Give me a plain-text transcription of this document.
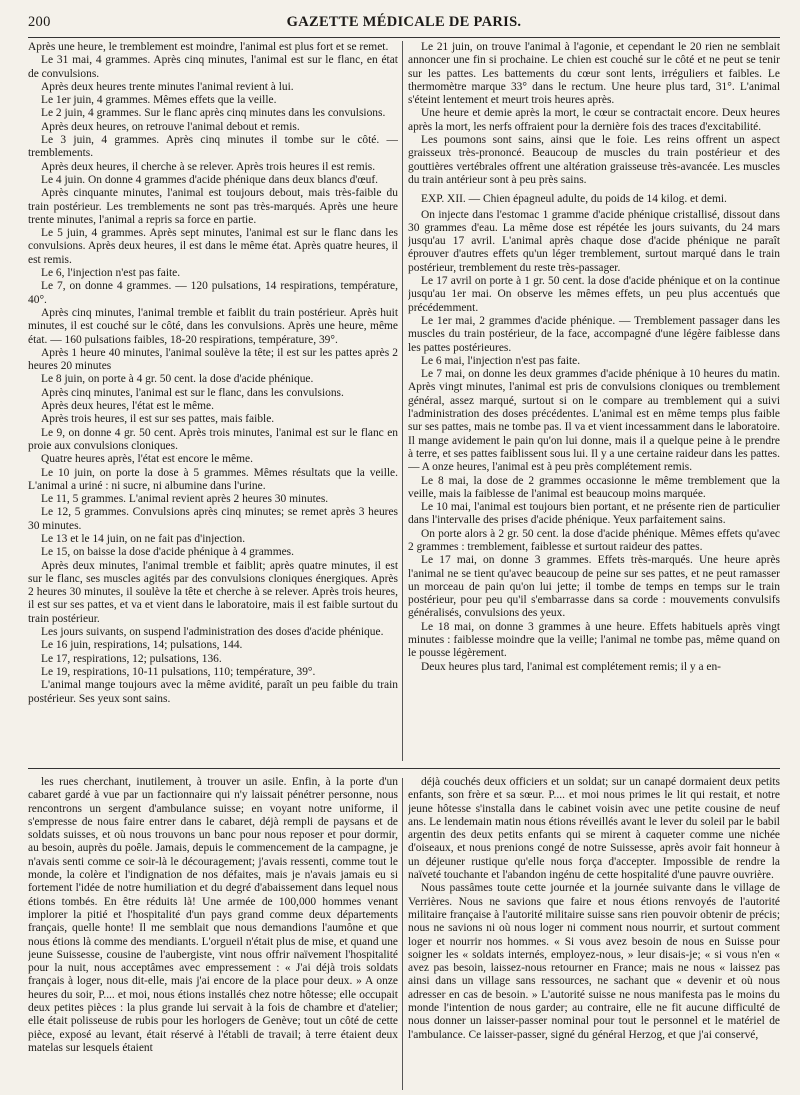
200	GAZETTE MÉDICALE DE PARIS.

Après une heure, le tremblement est moindre, l'animal est plus fort et se remet.

Le 31 mai, 4 grammes. Après cinq minutes, l'animal est sur le flanc, en état de convulsions.

Après deux heures trente minutes l'animal revient à lui.

Le 1er juin, 4 grammes. Mêmes effets que la veille.

Le 2 juin, 4 grammes. Sur le flanc après cinq minutes dans les convulsions.

Après deux heures, on retrouve l'animal debout et remis.

Le 3 juin, 4 grammes. Après cinq minutes il tombe sur le côté. — tremblements.

Après deux heures, il cherche à se relever. Après trois heures il est remis.

Le 4 juin. On donne 4 grammes d'acide phénique dans deux blancs d'œuf.

Après cinquante minutes, l'animal est toujours debout, mais très-faible du train postérieur. Les tremblements ne sont pas très-marqués. Après une heure trente minutes, l'animal a repris sa force en partie.

Le 5 juin, 4 grammes. Après sept minutes, l'animal est sur le flanc dans les convulsions. Après deux heures, il est dans le même état. Après quatre heures, il est remis.

Le 6, l'injection n'est pas faite.

Le 7, on donne 4 grammes. — 120 pulsations, 14 respirations, température, 40°.

Après cinq minutes, l'animal tremble et faiblit du train postérieur. Après huit minutes, il est couché sur le côté, dans les convulsions. Après une heure, même état. — 160 pulsations faibles, 18-20 respirations, température, 39°.

Après 1 heure 40 minutes, l'animal soulève la tête; il est sur les pattes après 2 heures 20 minutes

Le 8 juin, on porte à 4 gr. 50 cent. la dose d'acide phénique.

Après cinq minutes, l'animal est sur le flanc, dans les convulsions.

Après deux heures, l'état est le même.

Après trois heures, il est sur ses pattes, mais faible.

Le 9, on donne 4 gr. 50 cent. Après trois minutes, l'animal est sur le flanc en proie aux convulsions cloniques.

Quatre heures après, l'état est encore le même.

Le 10 juin, on porte la dose à 5 grammes. Mêmes résultats que la veille. L'animal a uriné : ni sucre, ni albumine dans l'urine.

Le 11, 5 grammes. L'animal revient après 2 heures 30 minutes.

Le 12, 5 grammes. Convulsions après cinq minutes; se remet après 3 heures 30 minutes.

Le 13 et le 14 juin, on ne fait pas d'injection.

Le 15, on baisse la dose d'acide phénique à 4 grammes.

Après deux minutes, l'animal tremble et faiblit; après quatre minutes, il est sur le flanc, ses muscles agités par des convulsions cloniques énergiques. Après 2 heures 30 minutes, il soulève la tête et cherche à se relever. Après trois heures, il est sur ses pattes, et va et vient dans le laboratoire, mais il est faible surtout du train postérieur.

Les jours suivants, on suspend l'administration des doses d'acide phénique.

Le 16 juin, respirations, 14; pulsations, 144.

Le 17, respirations, 12; pulsations, 136.

Le 19, respirations, 10-11 pulsations, 110; température, 39°.

L'animal mange toujours avec la même avidité, paraît un peu faible du train postérieur. Ses yeux sont sains.

Le 21 juin, on trouve l'animal à l'agonie, et cependant le 20 rien ne semblait annoncer une fin si prochaine. Le chien est couché sur le côté et ne peut se tenir sur les pattes. Les battements du cœur sont lents, irréguliers et faibles. Le thermomètre marque 33° dans le rectum. Une heure plus tard, 31°. L'animal s'éteint lentement et meurt trois heures après.

Une heure et demie après la mort, le cœur se contractait encore. Deux heures après la mort, les nerfs offraient pour la dernière fois des traces d'excitabilité.

Les poumons sont sains, ainsi que le foie. Les reins offrent un aspect graisseux très-prononcé. Beaucoup de muscles du train postérieur et des gouttières vertébrales offrent une altération graisseuse très-avancée. Les muscles du train antérieur sont à peu près sains.

EXP. XII. — Chien épagneul adulte, du poids de 14 kilog. et demi.

On injecte dans l'estomac 1 gramme d'acide phénique cristallisé, dissout dans 30 grammes d'eau. La même dose est répétée les jours suivants, du 24 mars jusqu'au 17 avril. L'animal après chaque dose d'acide phénique ne paraît éprouver d'autres effets qu'un léger tremblement, surtout marqué dans le train postérieur, tremblement du reste très-passager.

Le 17 avril on porte à 1 gr. 50 cent. la dose d'acide phénique et on la continue jusqu'au 1er mai. On observe les mêmes effets, un peu plus accentués que précédemment.

Le 1er mai, 2 grammes d'acide phénique. — Tremblement passager dans les muscles du train postérieur, de la face, accompagné d'une légère faiblesse dans les pattes postérieures.

Le 6 mai, l'injection n'est pas faite.

Le 7 mai, on donne les deux grammes d'acide phénique à 10 heures du matin. Après vingt minutes, l'animal est pris de convulsions cloniques ou tremblement général, assez marqué, surtout si on le compare au tremblement qui a suivi l'administration des doses précédentes. L'animal est en même temps plus faible sur ses pattes, mais ne tombe pas. Il va et vient incessamment dans le laboratoire. Il mange avidement le pain qu'on lui donne, mais il a quelque peine à le prendre à terre, et ses pattes faiblissent sous lui. Il y a une certaine raideur dans les pattes. — A onze heures, l'animal est à peu près complétement remis.

Le 8 mai, la dose de 2 grammes occasionne le même tremblement que la veille, mais la faiblesse de l'animal est beaucoup moins marquée.

Le 10 mai, l'animal est toujours bien portant, et ne présente rien de particulier dans l'intervalle des prises d'acide phénique. Yeux parfaitement sains.

On porte alors à 2 gr. 50 cent. la dose d'acide phénique. Mêmes effets qu'avec 2 grammes : tremblement, faiblesse et surtout raideur des pattes.

Le 17 mai, on donne 3 grammes. Effets très-marqués. Une heure après l'animal ne se tient qu'avec beaucoup de peine sur ses pattes, et ne peut ramasser un morceau de pain qu'on lui jette; il tombe de temps en temps sur le train postérieur, pour peu qu'il s'embarrasse dans sa corde : mouvements convulsifs généralisés, convulsions des yeux.

Le 18 mai, on donne 3 grammes à une heure. Effets habituels après vingt minutes : faiblesse moindre que la veille; l'animal ne tombe pas, même quand on le pousse légèrement.

Deux heures plus tard, l'animal est complétement remis; il y a en-

les rues cherchant, inutilement, à trouver un asile. Enfin, à la porte d'un cabaret gardé à vue par un factionnaire qui n'y laissait pénétrer personne, nous rencontrons un sergent d'ambulance suisse; en voyant notre uniforme, il s'empresse de nous faire entrer dans le cabaret, déjà rempli de paysans et de soldats suisses, et où nous trouvons un banc pour nous reposer et pour dormir, au besoin, auprès du poêle. Jamais, depuis le commencement de la campagne, je n'avais senti comme ce soir-là le découragement; j'avais ressenti, comme tout le monde, la colère et l'indignation de nos défaites, mais je n'avais jamais eu si fortement l'idée de notre humiliation et du degré d'abaissement dans lequel nous étions tombés. En être réduits là! Une armée de 100,000 hommes venant implorer la pitié et l'hospitalité d'un pays grand comme deux départements français, quelle honte! Il me semblait que nous demandions l'aumône et que nous étions là comme des mendiants. L'orgueil n'était plus de mise, et quand une jeune Suissesse, cousine de l'aubergiste, vint nous offrir naïvement l'hospitalité pour la nuit, nous acceptâmes avec empressement : « J'ai déjà trois soldats français à loger, nous dit-elle, mais j'ai encore de la place pour deux. » A onze heures du soir, P.... et moi, nous étions installés chez notre hôtesse; elle occupait deux petites pièces : la plus grande lui servait à la fois de chambre et d'atelier; elle était polisseuse de rubis pour les horlogers de Genève; tout un côté de cette pièce, exposé au levant, était réservé à l'établi de travail; à terre étaient deux matelas sur lesquels étaient

déjà couchés deux officiers et un soldat; sur un canapé dormaient deux petits enfants, son frère et sa sœur. P.... et moi nous primes le lit qui restait, et notre jeune hôtesse s'installa dans le cabinet voisin avec une petite cousine de neuf ans. Le lendemain matin nous étions réveillés avant le lever du soleil par le babil argentin des deux petits enfants qui se mirent à caqueter comme une nichée d'oiseaux, et nous prenions congé de notre Suissesse, après avoir fait honneur à un déjeuner rustique qu'elle nous força d'accepter. Impossible de rendre la naïveté touchante et l'abandon ingénu de cette hospitalité d'une pauvre ouvrière.

Nous passâmes toute cette journée et la journée suivante dans le village de Verrières. Nous ne savions que faire et nous étions renvoyés de l'autorité militaire française à l'autorité militaire suisse sans rien pouvoir obtenir de précis; nous ne savions ni où nous loger ni comment nous nourrir, et surtout comment loger et nourrir nos hommes. « Si vous avez besoin de nous en Suisse pour soigner les « soldats internés, employez-nous, » leur disais-je; « si vous n'en « avez pas besoin, laissez-nous retourner en France; mais ne nous « laissez pas ainsi dans un village sans ressources, ne sachant que « devenir et où nous adresser en cas de besoin. » L'autorité suisse ne nous manifesta pas le moins du monde l'intention de nous garder; au contraire, elle ne fit aucune difficulté de nous donner un laisser-passer nominal pour tout le personnel et le matériel de l'ambulance. Ce laisser-passer, signé du général Herzog, et que j'ai conservé,
